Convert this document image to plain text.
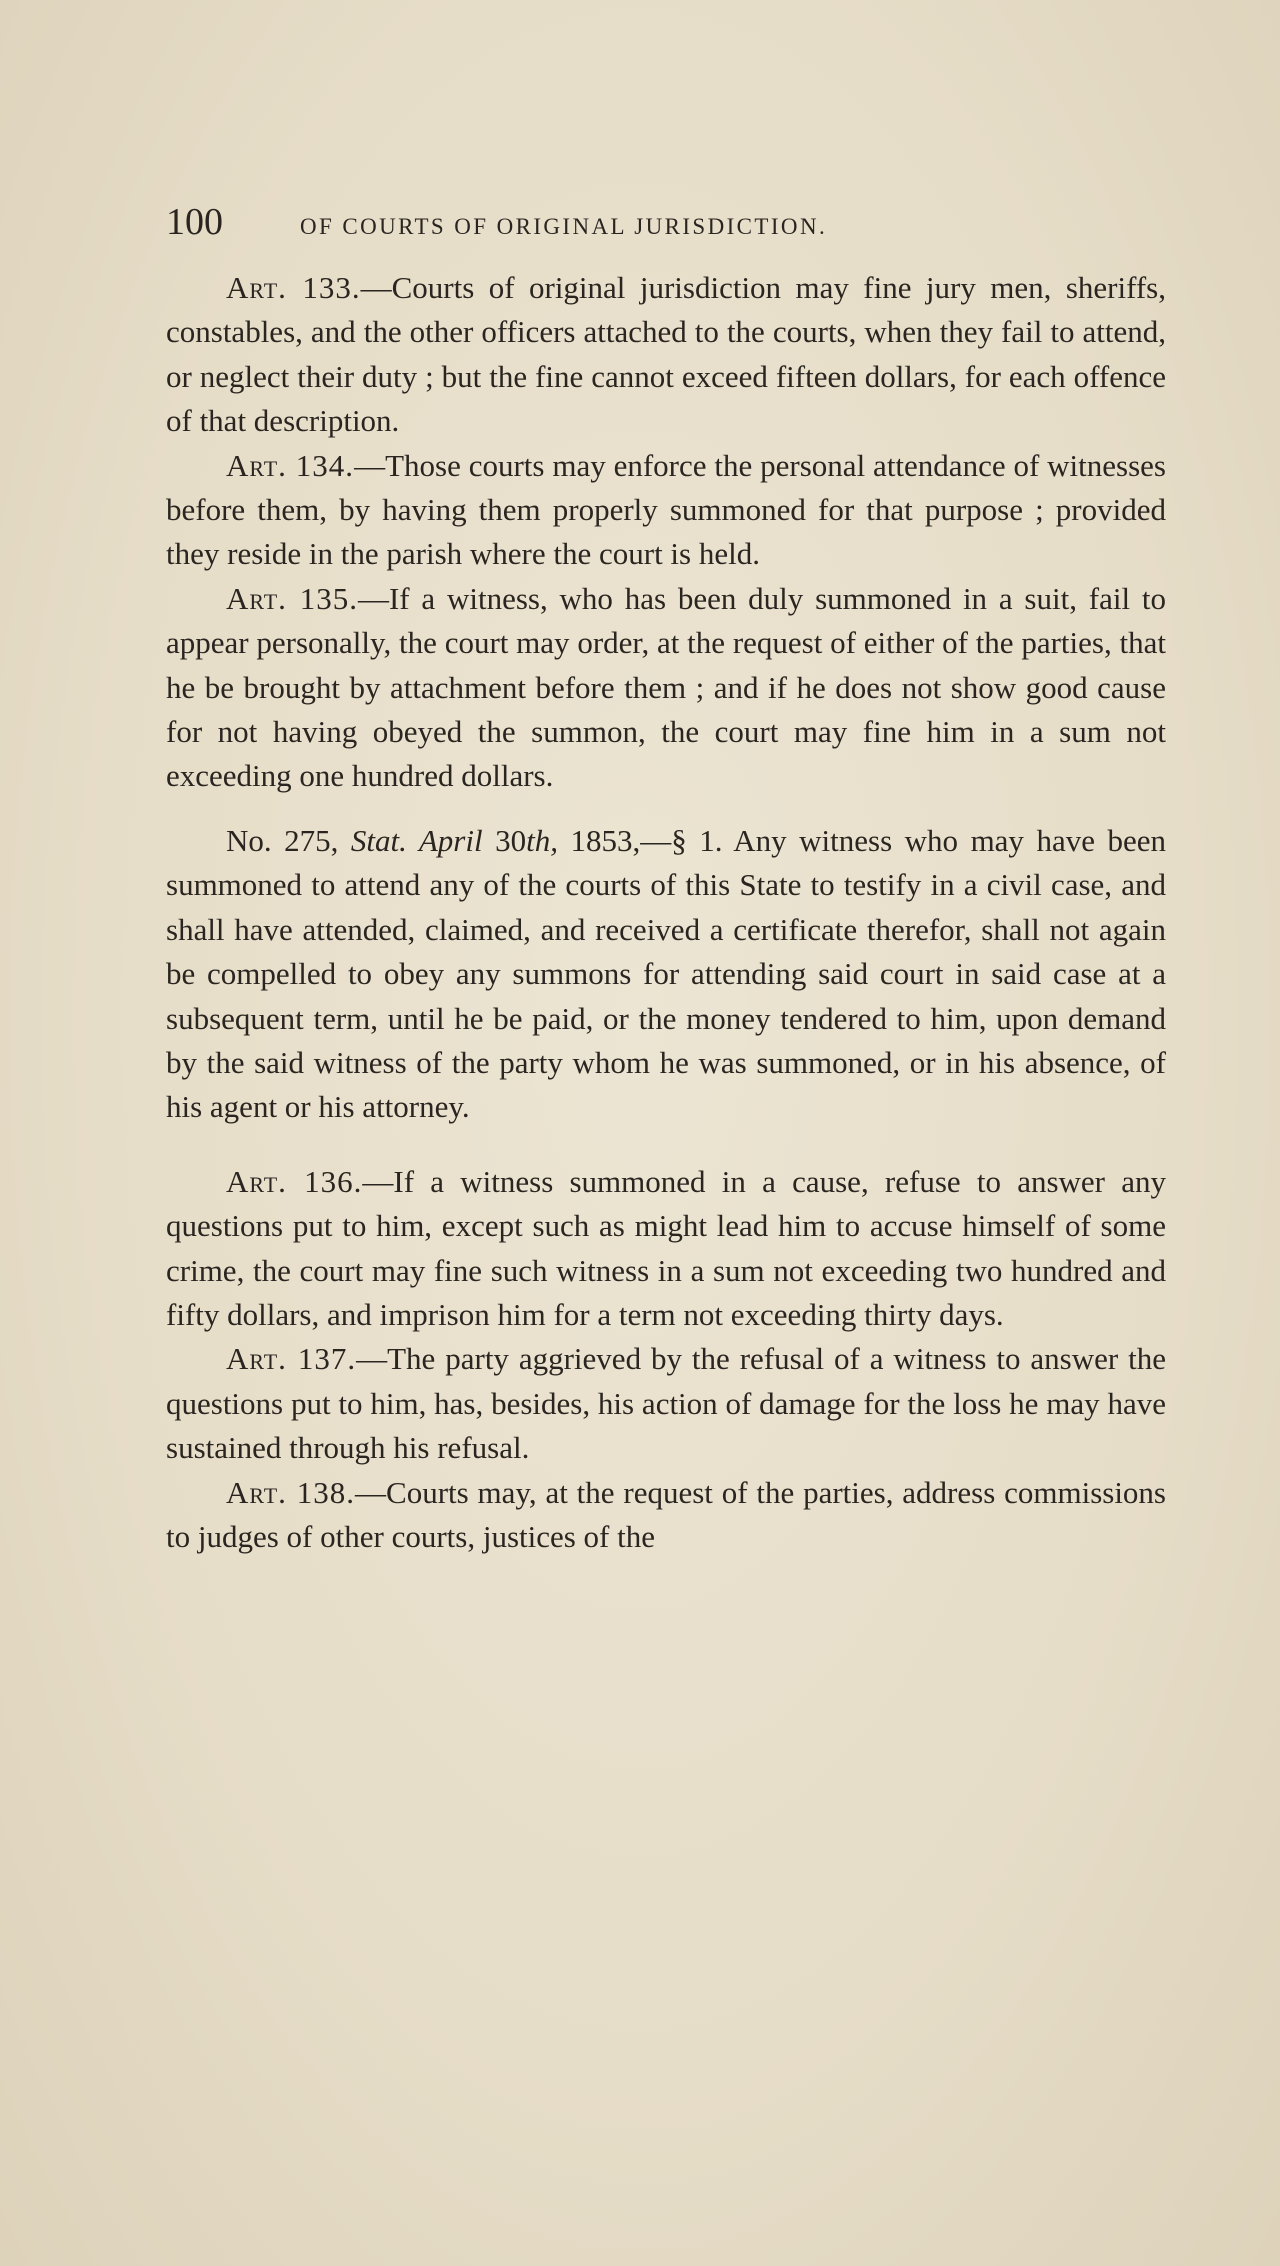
100	OF COURTS OF ORIGINAL JURISDICTION.

Art. 133.—Courts of original jurisdiction may fine jury men, sheriffs, constables, and the other officers attached to the courts, when they fail to attend, or neglect their duty ; but the fine cannot exceed fifteen dollars, for each offence of that description.

Art. 134.—Those courts may enforce the personal attendance of witnesses before them, by having them properly summoned for that purpose ; provided they reside in the parish where the court is held.

Art. 135.—If a witness, who has been duly summoned in a suit, fail to appear personally, the court may order, at the request of either of the parties, that he be brought by attachment before them ; and if he does not show good cause for not having obeyed the summon, the court may fine him in a sum not exceeding one hundred dollars.

No. 275, Stat. April 30th, 1853,—§ 1. Any witness who may have been summoned to attend any of the courts of this State to testify in a civil case, and shall have attended, claimed, and received a certificate therefor, shall not again be compelled to obey any summons for attending said court in said case at a subsequent term, until he be paid, or the money tendered to him, upon demand by the said witness of the party whom he was summoned, or in his absence, of his agent or his attorney.

Art. 136.—If a witness summoned in a cause, refuse to answer any questions put to him, except such as might lead him to accuse himself of some crime, the court may fine such witness in a sum not exceeding two hundred and fifty dollars, and imprison him for a term not exceeding thirty days.

Art. 137.—The party aggrieved by the refusal of a witness to answer the questions put to him, has, besides, his action of damage for the loss he may have sustained through his refusal.

Art. 138.—Courts may, at the request of the parties, address commissions to judges of other courts, justices of the
